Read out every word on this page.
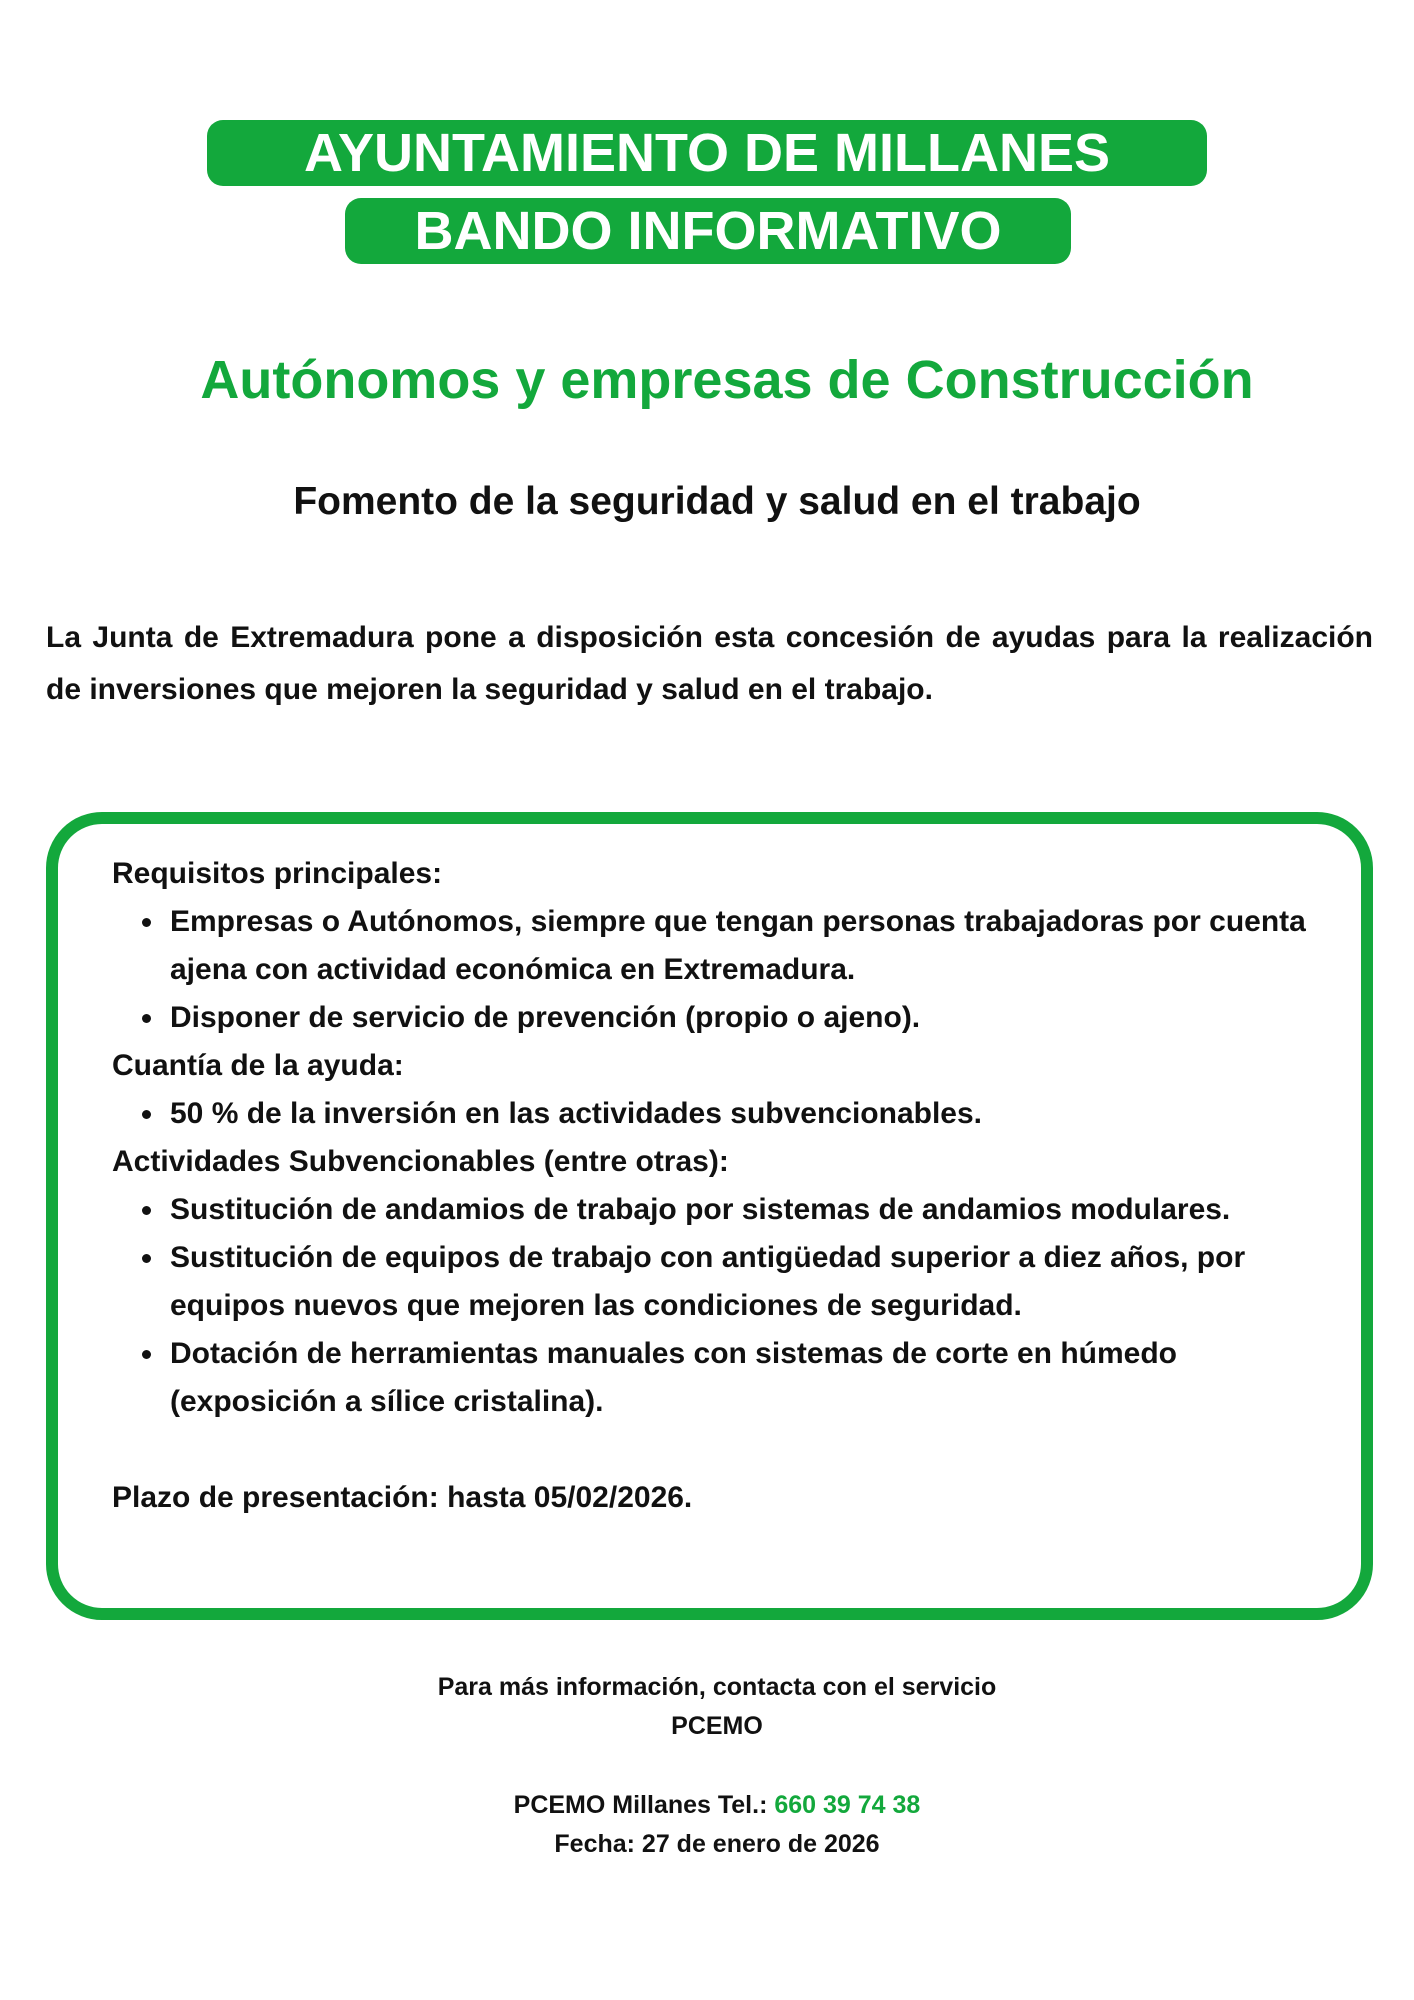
AYUNTAMIENTO DE MILLANES
BANDO INFORMATIVO
Autónomos y empresas de Construcción
Fomento de la seguridad y salud en el trabajo

La Junta de Extremadura pone a disposición esta concesión de ayudas para la realización de inversiones que mejoren la seguridad y salud en el trabajo.

Requisitos principales:
Empresas o Autónomos, siempre que tengan personas trabajadoras por cuenta ajena con actividad económica en Extremadura.
Disponer de servicio de prevención (propio o ajeno).
Cuantía de la ayuda:
50 % de la inversión en las actividades subvencionables.
Actividades Subvencionables (entre otras):
Sustitución de andamios de trabajo por sistemas de andamios modulares.
Sustitución de equipos de trabajo con antigüedad superior a diez años, por equipos nuevos que mejoren las condiciones de seguridad.
Dotación de herramientas manuales con sistemas de corte en húmedo (exposición a sílice cristalina).
Plazo de presentación: hasta 05/02/2026.
Para más información, contacta con el servicio
PCEMO
PCEMO Millanes Tel.: 660 39 74 38
Fecha: 27 de enero de 2026
